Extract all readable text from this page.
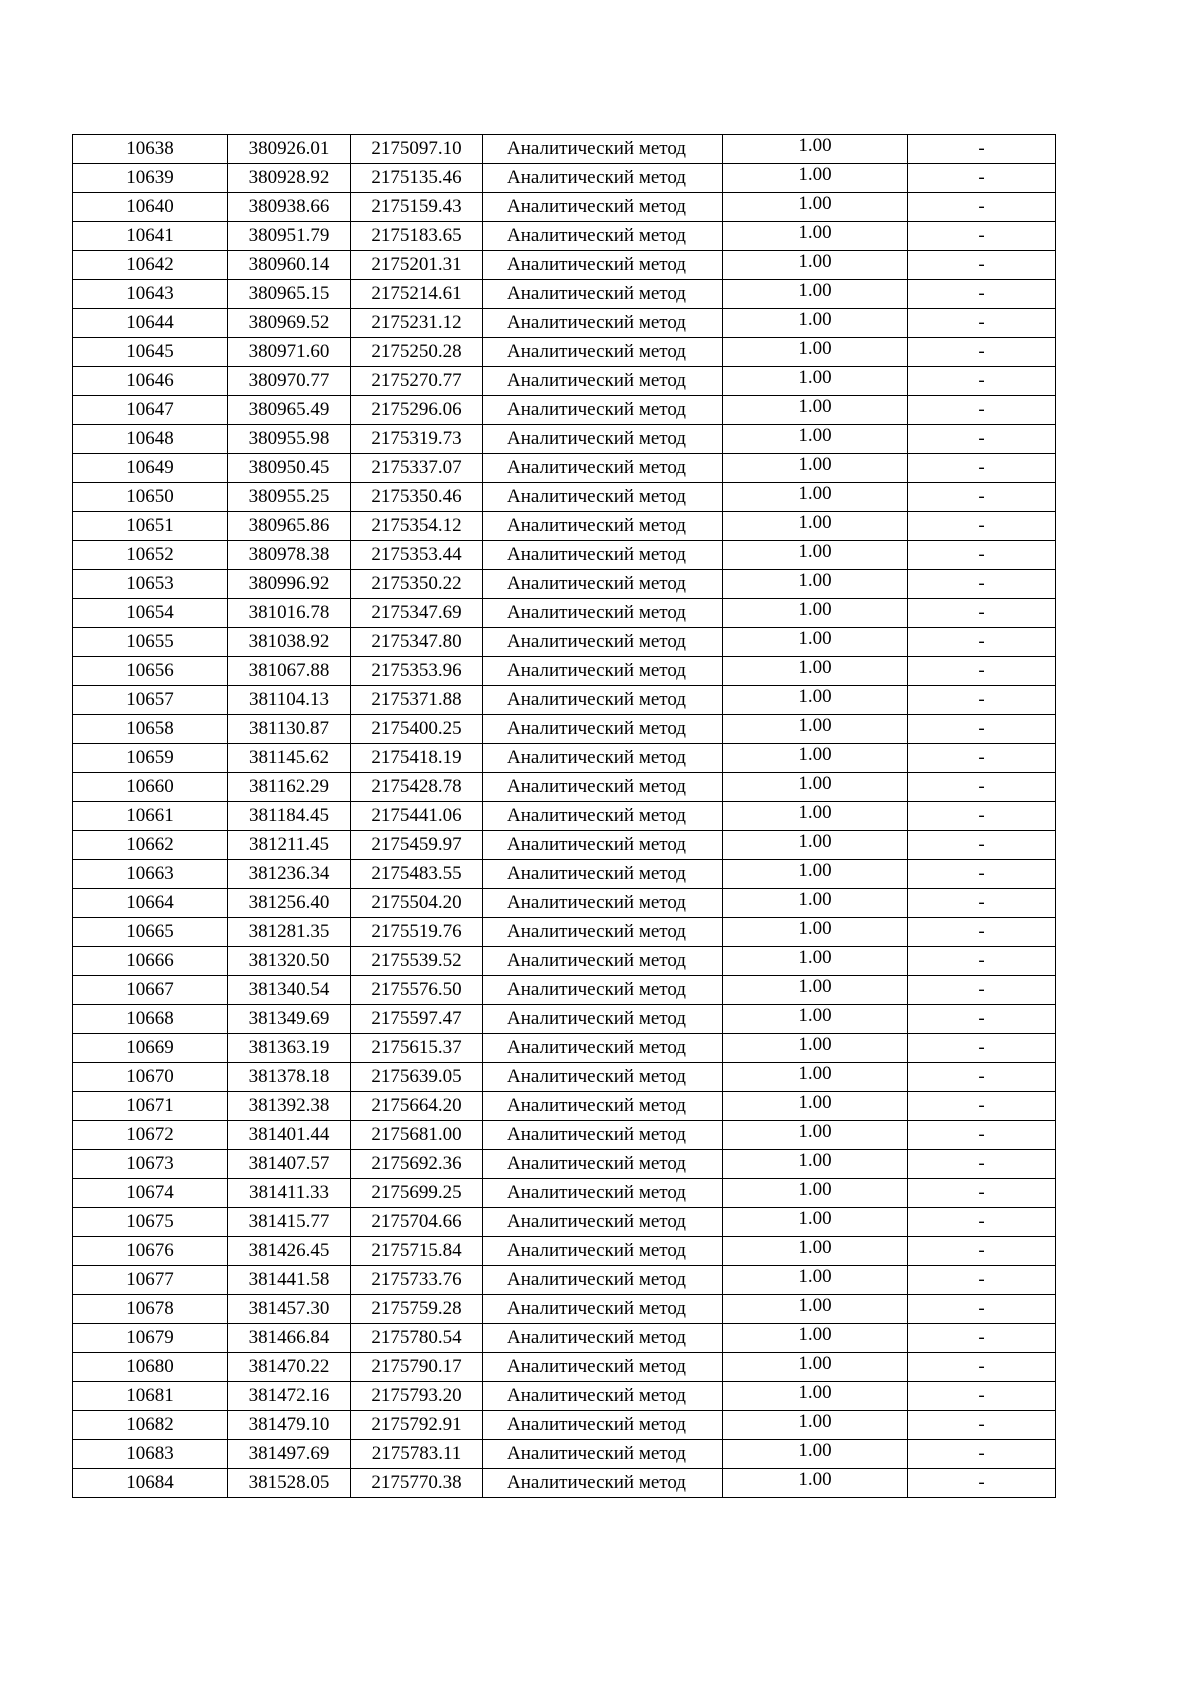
10638	380926.01	2175097.10	Аналитический метод	1.00	-
10639	380928.92	2175135.46	Аналитический метод	1.00	-
10640	380938.66	2175159.43	Аналитический метод	1.00	-
10641	380951.79	2175183.65	Аналитический метод	1.00	-
10642	380960.14	2175201.31	Аналитический метод	1.00	-
10643	380965.15	2175214.61	Аналитический метод	1.00	-
10644	380969.52	2175231.12	Аналитический метод	1.00	-
10645	380971.60	2175250.28	Аналитический метод	1.00	-
10646	380970.77	2175270.77	Аналитический метод	1.00	-
10647	380965.49	2175296.06	Аналитический метод	1.00	-
10648	380955.98	2175319.73	Аналитический метод	1.00	-
10649	380950.45	2175337.07	Аналитический метод	1.00	-
10650	380955.25	2175350.46	Аналитический метод	1.00	-
10651	380965.86	2175354.12	Аналитический метод	1.00	-
10652	380978.38	2175353.44	Аналитический метод	1.00	-
10653	380996.92	2175350.22	Аналитический метод	1.00	-
10654	381016.78	2175347.69	Аналитический метод	1.00	-
10655	381038.92	2175347.80	Аналитический метод	1.00	-
10656	381067.88	2175353.96	Аналитический метод	1.00	-
10657	381104.13	2175371.88	Аналитический метод	1.00	-
10658	381130.87	2175400.25	Аналитический метод	1.00	-
10659	381145.62	2175418.19	Аналитический метод	1.00	-
10660	381162.29	2175428.78	Аналитический метод	1.00	-
10661	381184.45	2175441.06	Аналитический метод	1.00	-
10662	381211.45	2175459.97	Аналитический метод	1.00	-
10663	381236.34	2175483.55	Аналитический метод	1.00	-
10664	381256.40	2175504.20	Аналитический метод	1.00	-
10665	381281.35	2175519.76	Аналитический метод	1.00	-
10666	381320.50	2175539.52	Аналитический метод	1.00	-
10667	381340.54	2175576.50	Аналитический метод	1.00	-
10668	381349.69	2175597.47	Аналитический метод	1.00	-
10669	381363.19	2175615.37	Аналитический метод	1.00	-
10670	381378.18	2175639.05	Аналитический метод	1.00	-
10671	381392.38	2175664.20	Аналитический метод	1.00	-
10672	381401.44	2175681.00	Аналитический метод	1.00	-
10673	381407.57	2175692.36	Аналитический метод	1.00	-
10674	381411.33	2175699.25	Аналитический метод	1.00	-
10675	381415.77	2175704.66	Аналитический метод	1.00	-
10676	381426.45	2175715.84	Аналитический метод	1.00	-
10677	381441.58	2175733.76	Аналитический метод	1.00	-
10678	381457.30	2175759.28	Аналитический метод	1.00	-
10679	381466.84	2175780.54	Аналитический метод	1.00	-
10680	381470.22	2175790.17	Аналитический метод	1.00	-
10681	381472.16	2175793.20	Аналитический метод	1.00	-
10682	381479.10	2175792.91	Аналитический метод	1.00	-
10683	381497.69	2175783.11	Аналитический метод	1.00	-
10684	381528.05	2175770.38	Аналитический метод	1.00	-
